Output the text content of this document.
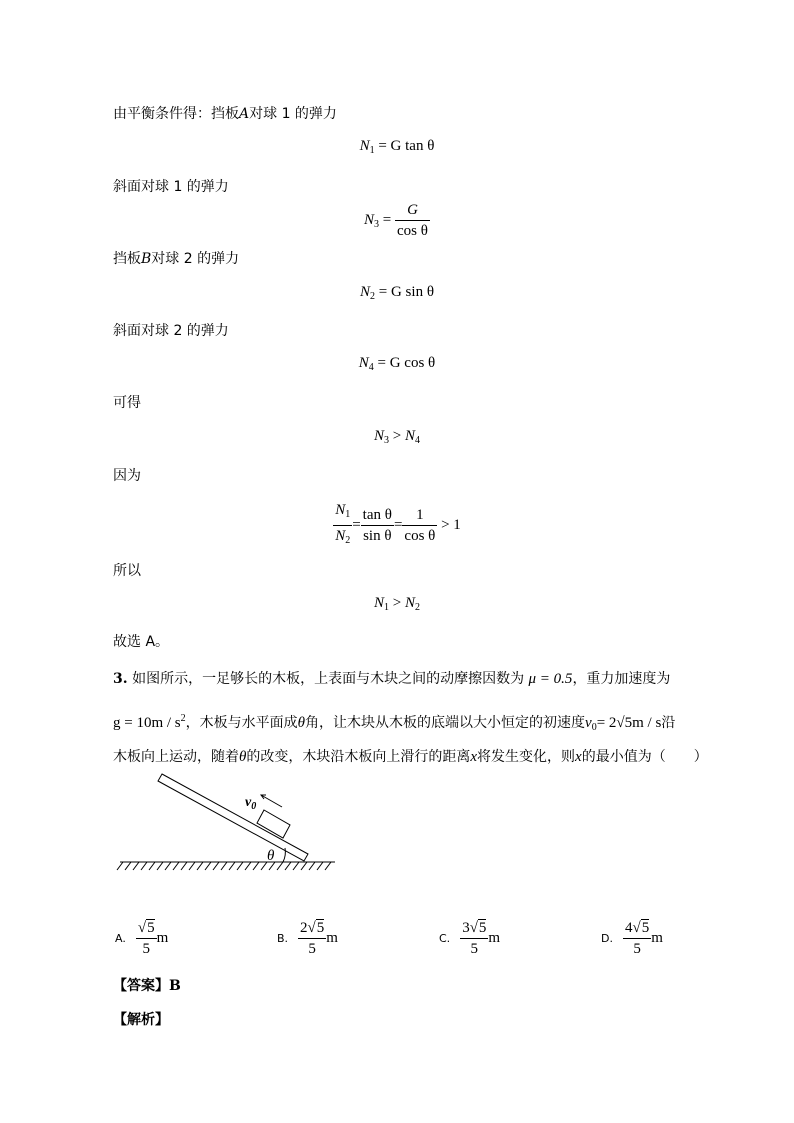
由平衡条件得：挡板A对球 1 的弹力
$N_1 = G$ tan θ
斜面对球 1 的弹力
$N_3 = \frac{G}{\text{cos θ}}$
挡板B对球 2 的弹力
$N_2 = G$ sin θ
斜面对球 2 的弹力
$N_4 = G$ cos θ
可得
$N_3 > N_4$
因为
$\frac{N_1}{N_2} = \frac{\text{tan θ}}{\text{sin θ}} = \frac{1}{\text{cos θ}} > 1$
所以
$N_1 > N_2$
故选 A。
3. 如图所示，一足够长的木板，上表面与木块之间的动摩擦因数为 μ = 0.5，重力加速度为
$g = 10m / s^2$，木板与水平面成θ角，让木块从木板的底端以大小恒定的初速度$v_0= 2√5m / s$沿
木板向上运动，随着θ的改变，木块沿木板向上滑行的距离x将发生变化，则x的最小值为（　　）
$v_0$
θ
A. $\frac{√5}{5}$ m	B. $\frac{2√5}{5}$ m	C. $\frac{3√5}{5}$ m	D. $\frac{4√5}{5}$ m
【答案】B
【解析】
